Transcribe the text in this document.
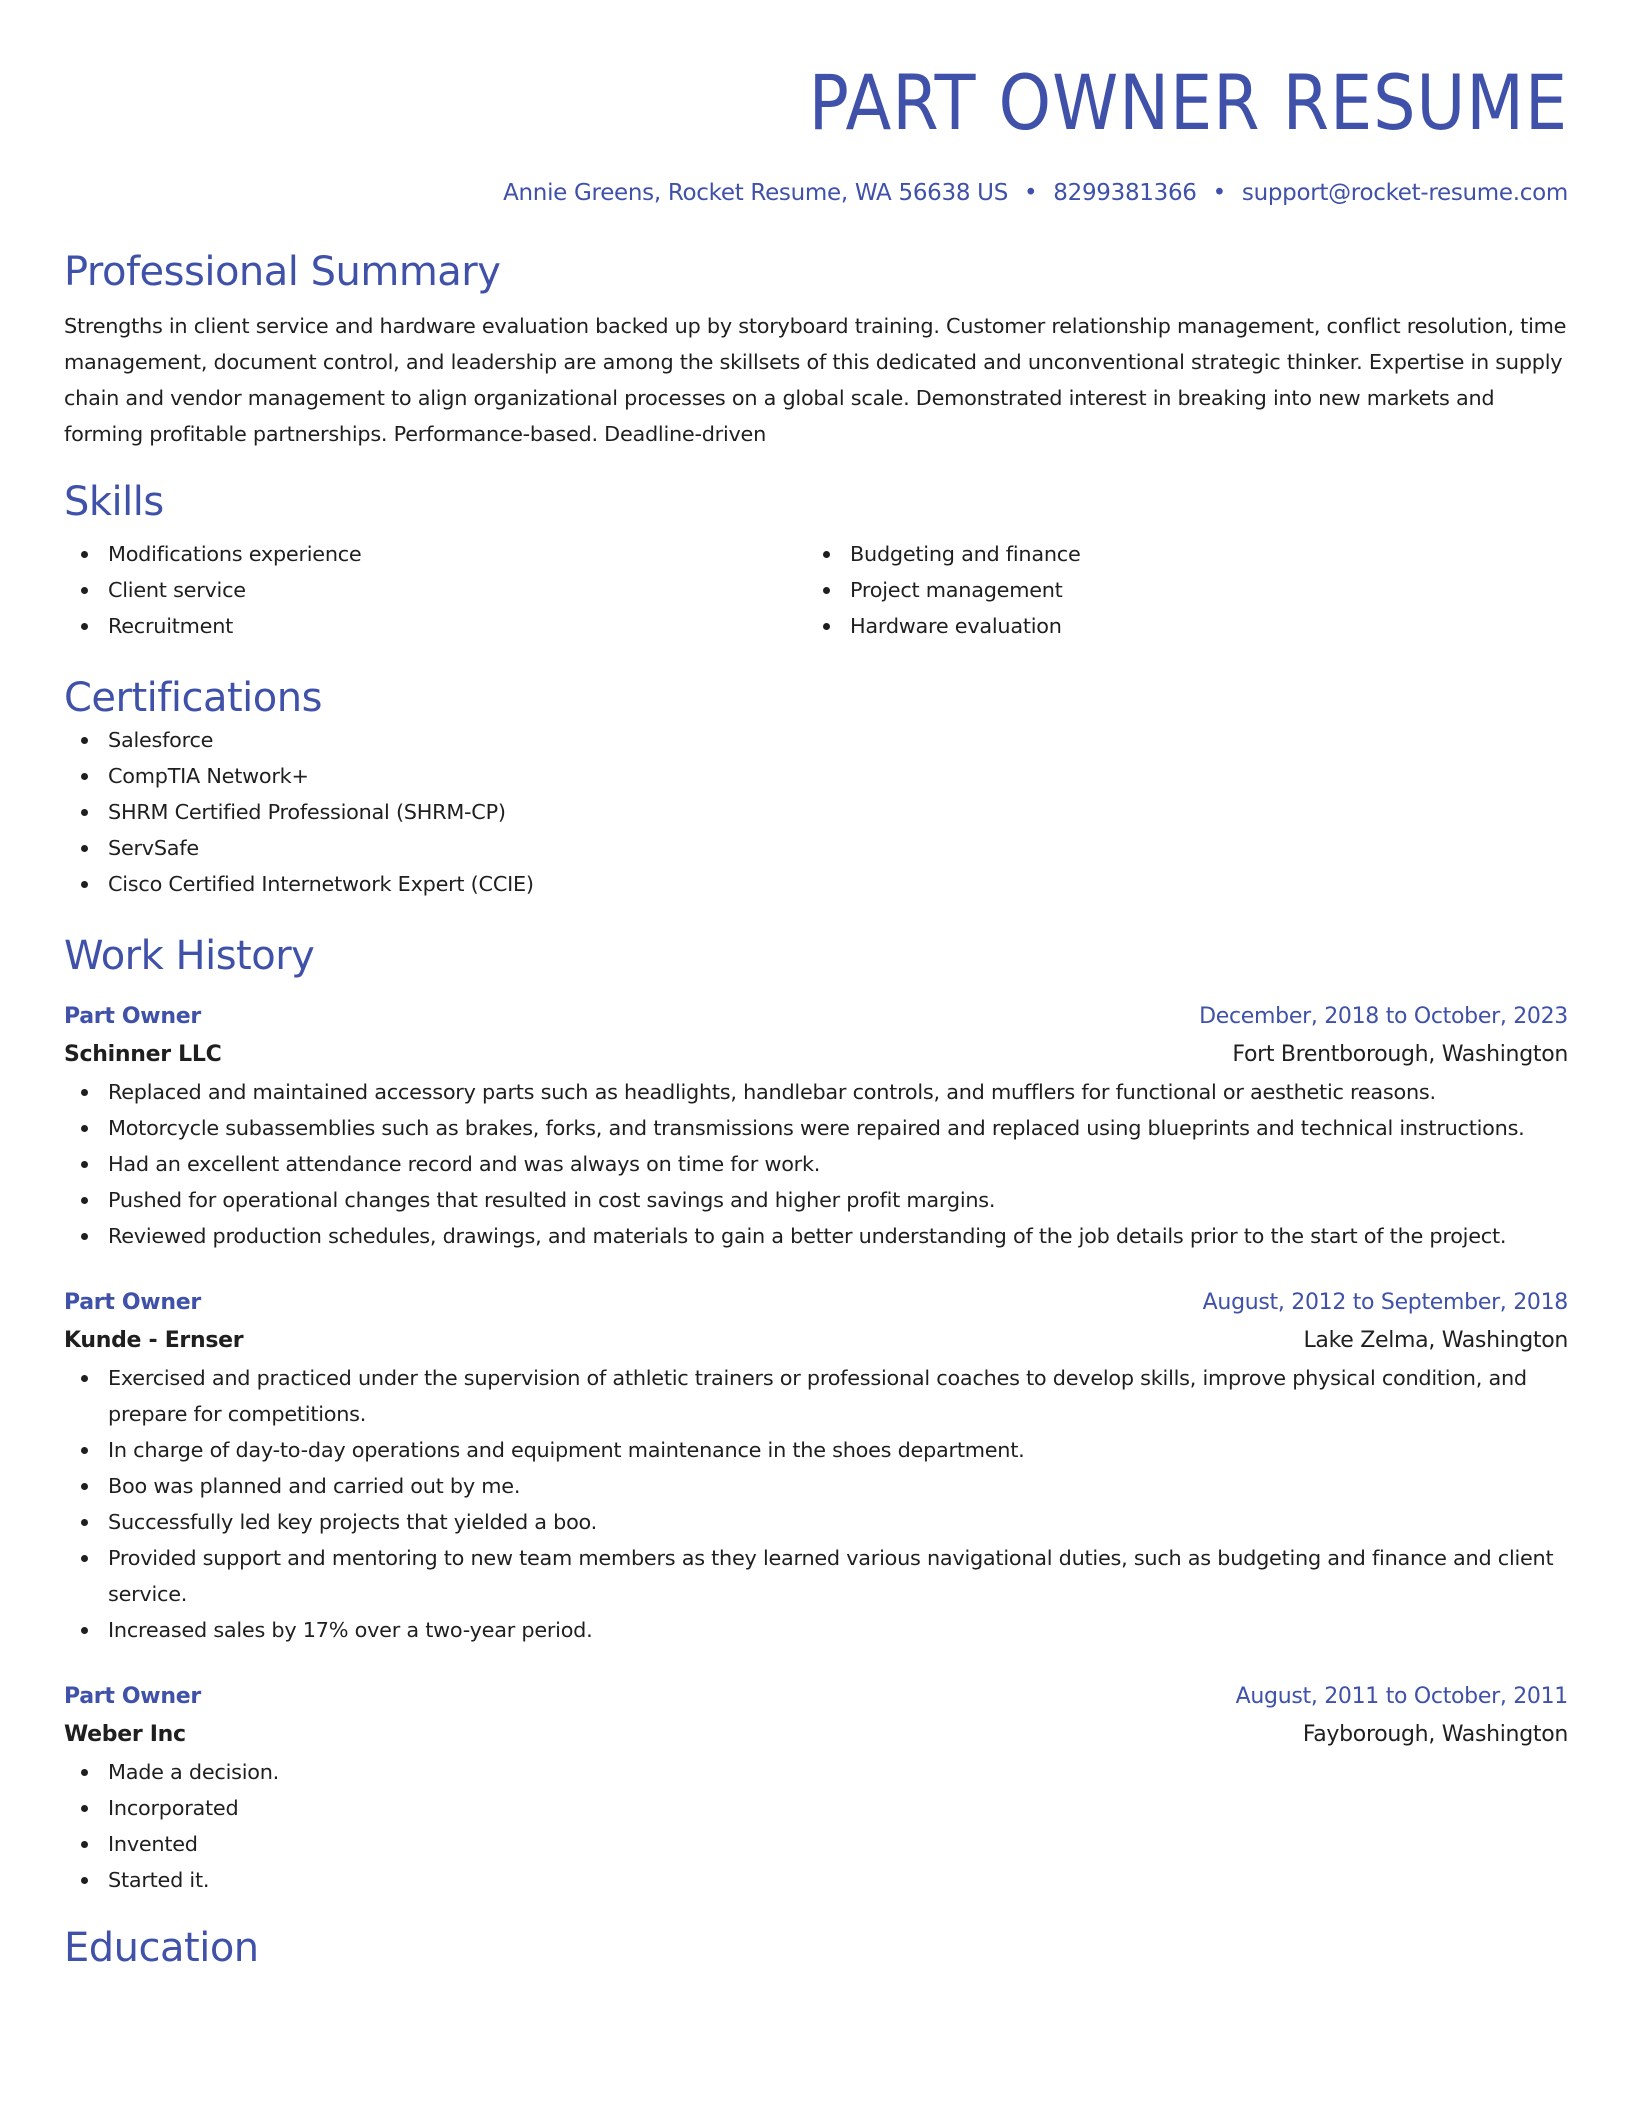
PART OWNER RESUME
Annie Greens, Rocket Resume, WA 56638 US • 8299381366 • support@rocket-resume.com
Professional Summary
Strengths in client service and hardware evaluation backed up by storyboard training. Customer relationship management, conflict resolution, time management, document control, and leadership are among the skillsets of this dedicated and unconventional strategic thinker. Expertise in supply chain and vendor management to align organizational processes on a global scale. Demonstrated interest in breaking into new markets and forming profitable partnerships. Performance-based. Deadline-driven
Skills
Modifications experience
Client service
Recruitment
Budgeting and finance
Project management
Hardware evaluation
Certifications
Salesforce
CompTIA Network+
SHRM Certified Professional (SHRM-CP)
ServSafe
Cisco Certified Internetwork Expert (CCIE)
Work History
Part Owner	December, 2018 to October, 2023
Schinner LLC	Fort Brentborough, Washington
Replaced and maintained accessory parts such as headlights, handlebar controls, and mufflers for functional or aesthetic reasons.
Motorcycle subassemblies such as brakes, forks, and transmissions were repaired and replaced using blueprints and technical instructions.
Had an excellent attendance record and was always on time for work.
Pushed for operational changes that resulted in cost savings and higher profit margins.
Reviewed production schedules, drawings, and materials to gain a better understanding of the job details prior to the start of the project.
Part Owner	August, 2012 to September, 2018
Kunde - Ernser	Lake Zelma, Washington
Exercised and practiced under the supervision of athletic trainers or professional coaches to develop skills, improve physical condition, and prepare for competitions.
In charge of day-to-day operations and equipment maintenance in the shoes department.
Boo was planned and carried out by me.
Successfully led key projects that yielded a boo.
Provided support and mentoring to new team members as they learned various navigational duties, such as budgeting and finance and client service.
Increased sales by 17% over a two-year period.
Part Owner	August, 2011 to October, 2011
Weber Inc	Fayborough, Washington
Made a decision.
Incorporated
Invented
Started it.
Education
